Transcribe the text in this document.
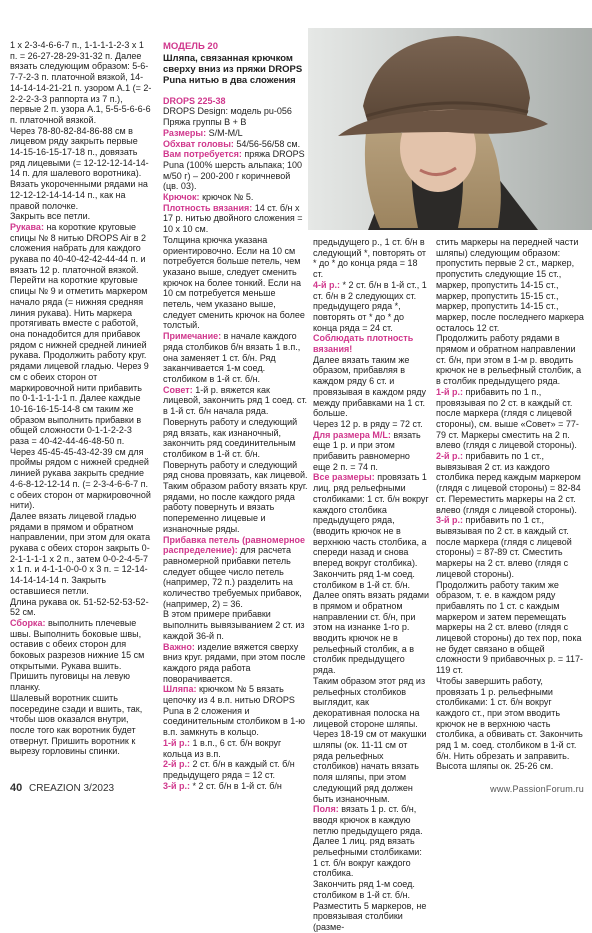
1 x 2-3-4-6-6-7 п., 1-1-1-1-2-3 x 1 п. = 26-27-28-29-31-32 п. Далее вязать следующим образом: 5-6-7-7-2-3 п. платочной вязкой, 14-14-14-14-21-21 п. узором А.1 (= 2-2-2-2-3-3 раппорта из 7 п.), первые 2 п. узора А.1, 5-5-5-6-6-6 п. платочной вязкой.

Через 78-80-82-84-86-88 см в лицевом ряду закрыть первые 14-15-16-15-17-18 п., довязать ряд лицевыми (= 12-12-12-14-14-14 п. для шалевого воротника).

Вязать укороченными рядами на 12-12-12-14-14-14 п., как на правой полочке.

Закрыть все петли.

Рукава: на короткие круговые спицы № 8 нитью DROPS Air в 2 сложения набрать для каждого рукава по 40-40-42-42-44-44 п. и вязать 12 р. платочной вязкой.

Перейти на короткие круговые спицы № 9 и отметить маркером начало ряда (= нижняя средняя линия рукава). Нить маркера протягивать вместе с работой, она понадобится для прибавок рядом с нижней средней линией рукава. Продолжить работу круг. рядами лицевой гладью. Через 9 см с обеих сторон от маркировочной нити прибавить по 0-1-1-1-1-1 п. Далее каждые 10-16-16-15-14-8 см таким же образом выполнить прибавки в общей сложности 0-1-1-2-2-3 раза = 40-42-44-46-48-50 п.

Через 45-45-45-43-42-39 см для проймы рядом с нижней средней линией рукава закрыть средние 4-6-8-12-12-14 п. (= 2-3-4-6-6-7 п. с обеих сторон от маркировочной нити).

Далее вязать лицевой гладью рядами в прямом и обратном направлении, при этом для оката рукава с обеих сторон закрыть 0-2-1-1-1-1 x 2 п., затем 0-0-2-4-5-7 x 1 п. и 4-1-1-0-0-0 x 3 п. = 12-14-14-14-14-14 п. Закрыть оставшиеся петли.

Длина рукава ок. 51-52-52-53-52-52 см.

Сборка: выполнить плечевые швы. Выполнить боковые швы, оставив с обеих сторон для боковых разрезов нижние 15 см открытыми. Рукава вшить.

Пришить пуговицы на левую планку.

Шалевый воротник сшить посередине сзади и вшить, так, чтобы шов оказался внутри, после того как воротник будет отвернут. Пришить воротник к вырезу горловины спинки.

МОДЕЛЬ 20

Шляпа, связанная крючком сверху вниз из пряжи DROPS Puna нитью в два сложения

DROPS 225-38

DROPS Design: модель pu-056

Пряжа группы В + В

Размеры: S/M-M/L

Обхват головы: 54/56-56/58 см.

Вам потребуется: пряжа DROPS Puna (100% шерсть альпака; 100 м/50 г) – 200-200 г коричневой (цв. 03).

Крючок: крючок № 5.

Плотность вязания: 14 ст. б/н x 17 р. нитью двойного сложения = 10 x 10 см.

Толщина крючка указана ориентировочно. Если на 10 см потребуется больше петель, чем указано выше, следует сменить крючок на более тонкий. Если на 10 см потребуется меньше петель, чем указано выше, следует сменить крючок на более толстый.

Примечание: в начале каждого ряда столбиков б/н вязать 1 в.п., она заменяет 1 ст. б/н. Ряд заканчивается 1-м соед. столбиком в 1-й ст. б/н.

Совет: 1-й р. вяжется как лицевой, закончить ряд 1 соед. ст. в 1-й ст. б/н начала ряда. Повернуть работу и следующий ряд вязать, как изнаночный, закончить ряд соединительным столбиком в 1-й ст. б/н.

Повернуть работу и следующий ряд снова провязать, как лицевой.

Таким образом работу вязать круг. рядами, но после каждого ряда работу повернуть и вязать попеременно лицевые и изнаночные ряды.

Прибавка петель (равномерное распределение): для расчета равномерной прибавки петель следует общее число петель (например, 72 п.) разделить на количество требуемых прибавок, (например, 2) = 36.

В этом примере прибавки выполнить вывязыванием 2 ст. из каждой 36-й п.

Важно: изделие вяжется сверху вниз круг. рядами, при этом после каждого ряда работа поворачивается.

Шляпа: крючком № 5 вязать цепочку из 4 в.п. нитью DROPS Puna в 2 сложения и соединительным столбиком в 1-ю в.п. замкнуть в кольцо.

1-й р.: 1 в.п., 6 ст. б/н вокруг кольца из в.п.

2-й р.: 2 ст. б/н в каждый ст. б/н предыдущего ряда = 12 ст.

3-й р.: * 2 ст. б/н в 1-й ст. б/н

предыдущего р., 1 ст. б/н в следующий *, повторять от * до * до конца ряда = 18 ст.

4-й р.: * 2 ст. б/н в 1-й ст., 1 ст. б/н в 2 следующих ст. предыдущего ряда *, повторять от * до * до конца ряда = 24 ст.

Соблюдать плотность вязания!

Далее вязать таким же образом, прибавляя в каждом ряду 6 ст. и провязывая в каждом ряду между прибавками на 1 ст. больше.

Через 12 р. в ряду = 72 ст.

Для размера M/L: вязать еще 1 р. и при этом прибавить равномерно еще 2 п. = 74 п.

Все размеры: провязать 1 лиц. ряд рельефными столбиками: 1 ст. б/н вокруг каждого столбика предыдущего ряда, (вводить крючок не в верхнюю часть столбика, а спереди назад и снова вперед вокруг столбика).

Закончить ряд 1-м соед. столбиком в 1-й ст. б/н.

Далее опять вязать рядами в прямом и обратном направлении ст. б/н, при этом на изнанке 1-го р. вводить крючок не в рельефный столбик, а в столбик предыдущего ряда.

Таким образом этот ряд из рельефных столбиков выглядит, как декоративная полоска на лицевой стороне шляпы.

Через 18-19 см от макушки шляпы (ок. 11-11 см от ряда рельефных столбиков) начать вязать поля шляпы, при этом следующий ряд должен быть изнаночным.

Поля: вязать 1 р. ст. б/н, вводя крючок в каждую петлю предыдущего ряда.

Далее 1 лиц. ряд вязать рельефными столбиками: 1 ст. б/н вокруг каждого столбика.

Закончить ряд 1-м соед. столбиком в 1-й ст. б/н.

Разместить 5 маркеров, не провязывая столбики (разме-

стить маркеры на передней части шляпы) следующим образом: пропустить первые 2 ст., маркер, пропустить следующие 15 ст., маркер, пропустить 14-15 ст., маркер, пропустить 15-15 ст., маркер, пропустить 14-15 ст., маркер, после последнего маркера осталось 12 ст.

Продолжить работу рядами в прямом и обратном направлении ст. б/н, при этом в 1-м р. вводить крючок не в рельефный столбик, а в столбик предыдущего ряда.

1-й р.: прибавить по 1 п., провязывая по 2 ст. в каждый ст. после маркера (глядя с лицевой стороны), см. выше «Совет» = 77-79 ст. Маркеры сместить на 2 п. влево (глядя с лицевой стороны).

2-й р.: прибавить по 1 ст., вывязывая 2 ст. из каждого столбика перед каждым маркером (глядя с лицевой стороны) = 82-84 ст. Переместить маркеры на 2 ст. влево (глядя с лицевой стороны).

3-й р.: прибавить по 1 ст., вывязывая по 2 ст. в каждый ст. после маркера (глядя с лицевой стороны) = 87-89 ст. Сместить маркеры на 2 ст. влево (глядя с лицевой стороны).

Продолжить работу таким же образом, т. е. в каждом ряду прибавлять по 1 ст. с каждым маркером и затем перемещать маркеры на 2 ст. влево (глядя с лицевой стороны) до тех пор, пока не будет связано в общей сложности 9 прибавочных р. = 117-119 ст.

Чтобы завершить работу, провязать 1 р. рельефными столбиками: 1 ст. б/н вокруг каждого ст., при этом вводить крючок не в верхнюю часть столбика, а обвивать ст. Закончить ряд 1 м. соед. столбиком в 1-й ст. б/н. Нить обрезать и заправить.

Высота шляпы ок. 25-26 см.

40 CREAZION 3/2023	www.PassionForum.ru
